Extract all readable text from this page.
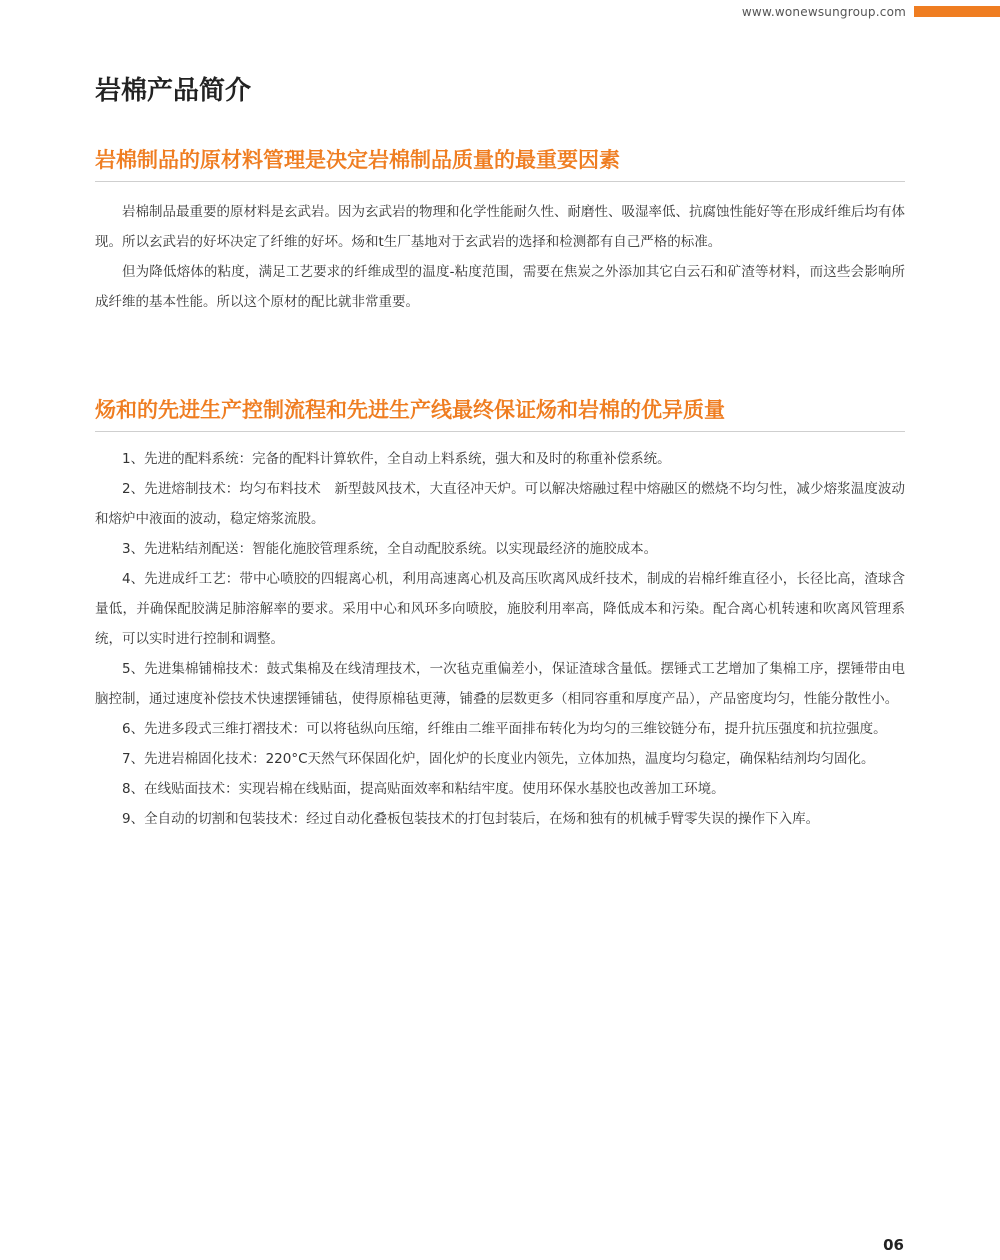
www.wonewsungroup.com
岩棉产品简介
岩棉制品的原材料管理是决定岩棉制品质量的最重要因素

岩棉制品最重要的原材料是玄武岩。因为玄武岩的物理和化学性能耐久性、耐磨性、吸湿率低、抗腐蚀性能好等在形成纤维后均有体现。所以玄武岩的好坏决定了纤维的好坏。炀和t生厂基地对于玄武岩的选择和检测都有自己严格的标准。

但为降低熔体的粘度，满足工艺要求的纤维成型的温度-粘度范围，需要在焦炭之外添加其它白云石和矿渣等材料，而这些会影响所成纤维的基本性能。所以这个原材的配比就非常重要。

炀和的先进生产控制流程和先进生产线最终保证炀和岩棉的优异质量

1、先进的配料系统：完备的配料计算软件，全自动上料系统，强大和及时的称重补偿系统。

2、先进熔制技术：均匀布料技术　新型鼓风技术，大直径冲天炉。可以解决熔融过程中熔融区的燃烧不均匀性，减少熔浆温度波动和熔炉中液面的波动，稳定熔浆流股。

3、先进粘结剂配送：智能化施胶管理系统，全自动配胶系统。以实现最经济的施胶成本。

4、先进成纤工艺：带中心喷胶的四辊离心机，利用高速离心机及高压吹离风成纤技术，制成的岩棉纤维直径小，长径比高，渣球含量低，并确保配胶满足肺溶解率的要求。采用中心和风环多向喷胶，施胶利用率高，降低成本和污染。配合离心机转速和吹离风管理系统，可以实时进行控制和调整。

5、先进集棉铺棉技术：鼓式集棉及在线清理技术，一次毡克重偏差小，保证渣球含量低。摆锤式工艺增加了集棉工序，摆锤带由电脑控制，通过速度补偿技术快速摆锤铺毡，使得原棉毡更薄，铺叠的层数更多（相同容重和厚度产品），产品密度均匀，性能分散性小。

6、先进多段式三维打褶技术：可以将毡纵向压缩，纤维由二维平面排布转化为均匀的三维铰链分布，提升抗压强度和抗拉强度。

7、先进岩棉固化技术：220°C天然气环保固化炉，固化炉的长度业内领先，立体加热，温度均匀稳定，确保粘结剂均匀固化。

8、在线贴面技术：实现岩棉在线贴面，提高贴面效率和粘结牢度。使用环保水基胶也改善加工环境。

9、全自动的切割和包装技术：经过自动化叠板包装技术的打包封装后，在炀和独有的机械手臂零失误的操作下入库。

06
